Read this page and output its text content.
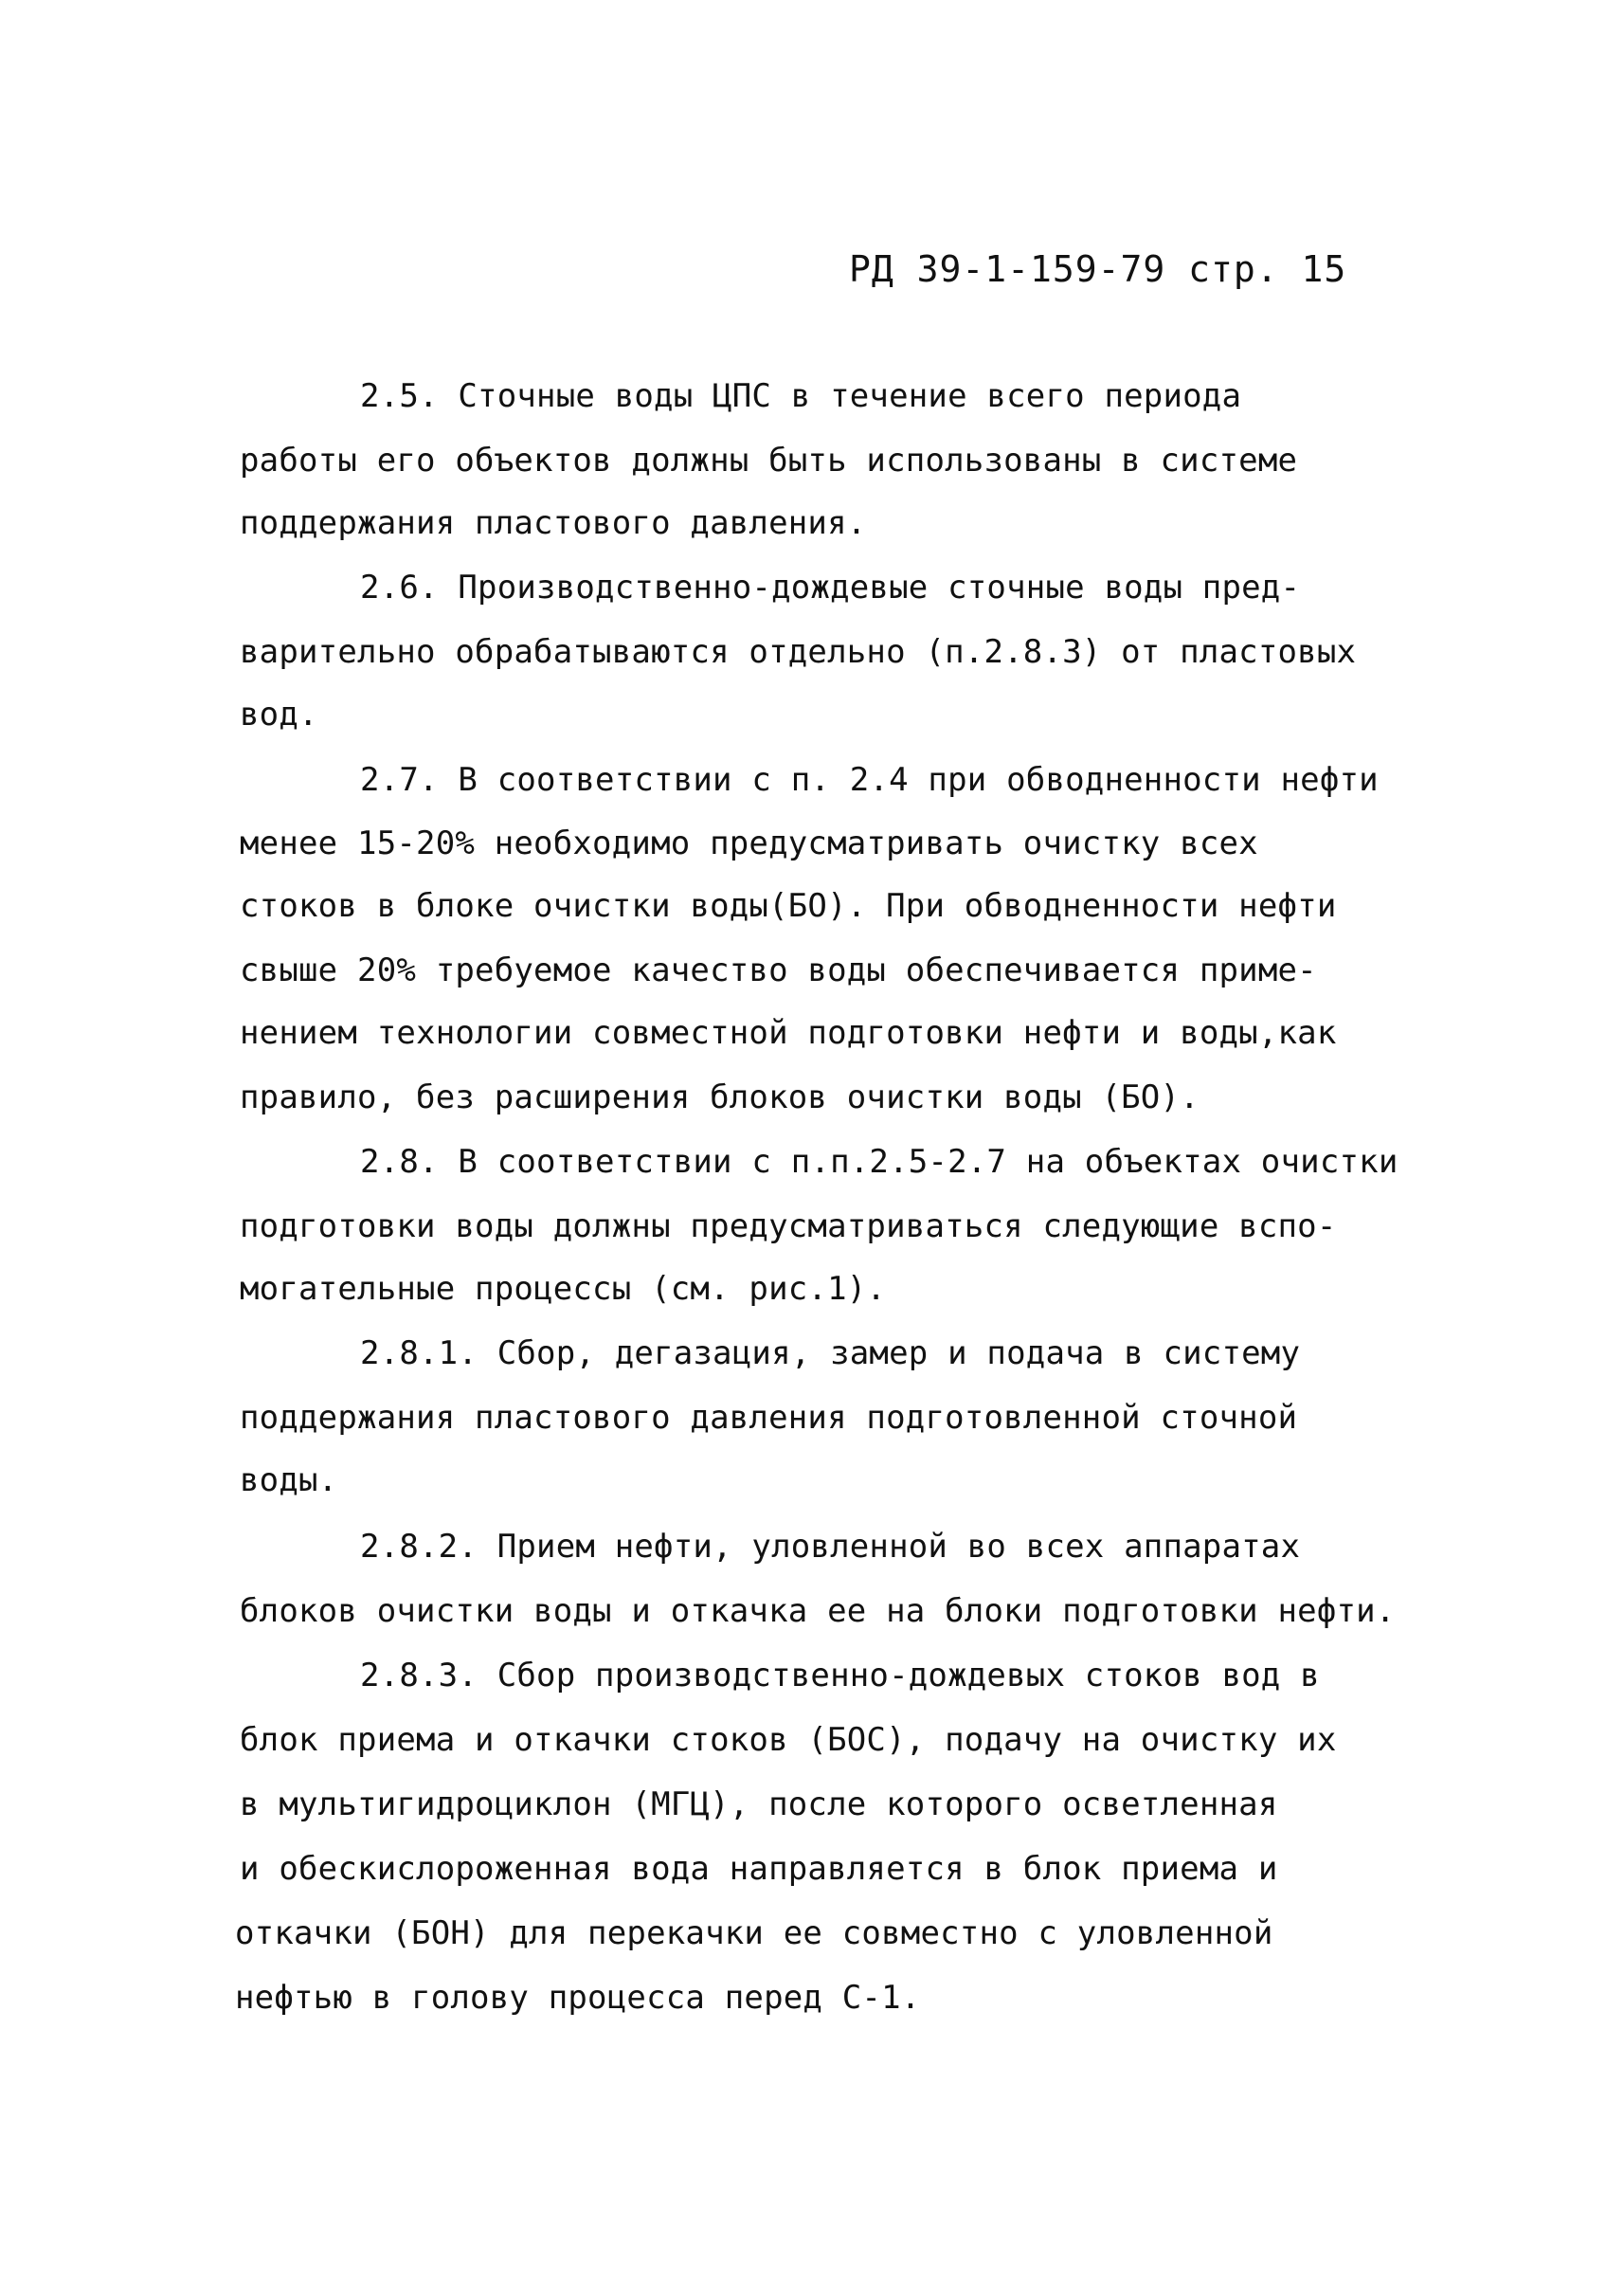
РД 39-1-159-79 стр. 15
2.5. Сточные воды ЦПС в течение всего периода
работы его объектов должны быть использованы в системе
поддержания пластового давления.
2.6. Производственно-дождевые сточные воды пред-
варительно обрабатываются отдельно (п.2.8.3) от пластовых
вод.
2.7. В соответствии с п. 2.4 при обводненности нефти
менее 15-20% необходимо предусматривать очистку всех
стоков в блоке очистки воды(БО). При обводненности нефти
свыше 20% требуемое качество воды обеспечивается приме-
нением технологии совместной подготовки нефти и воды,как
правило, без расширения блоков очистки воды (БО).
2.8. В соответствии с п.п.2.5-2.7 на объектах очистки
подготовки воды должны предусматриваться следующие вспо-
могательные процессы (см. рис.1).
2.8.1. Сбор, дегазация, замер и подача в систему
поддержания пластового давления подготовленной сточной
воды.
2.8.2. Прием нефти, уловленной во всех аппаратах
блоков очистки воды и откачка ее на блоки подготовки нефти.
2.8.3. Сбор производственно-дождевых стоков вод в
блок приема и откачки стоков (БОС), подачу на очистку их
в мультигидроциклон (МГЦ), после которого осветленная
и обескислороженная вода направляется в блок приема и
откачки (БОН) для перекачки ее совместно с уловленной
нефтью в голову процесса перед С-1.
